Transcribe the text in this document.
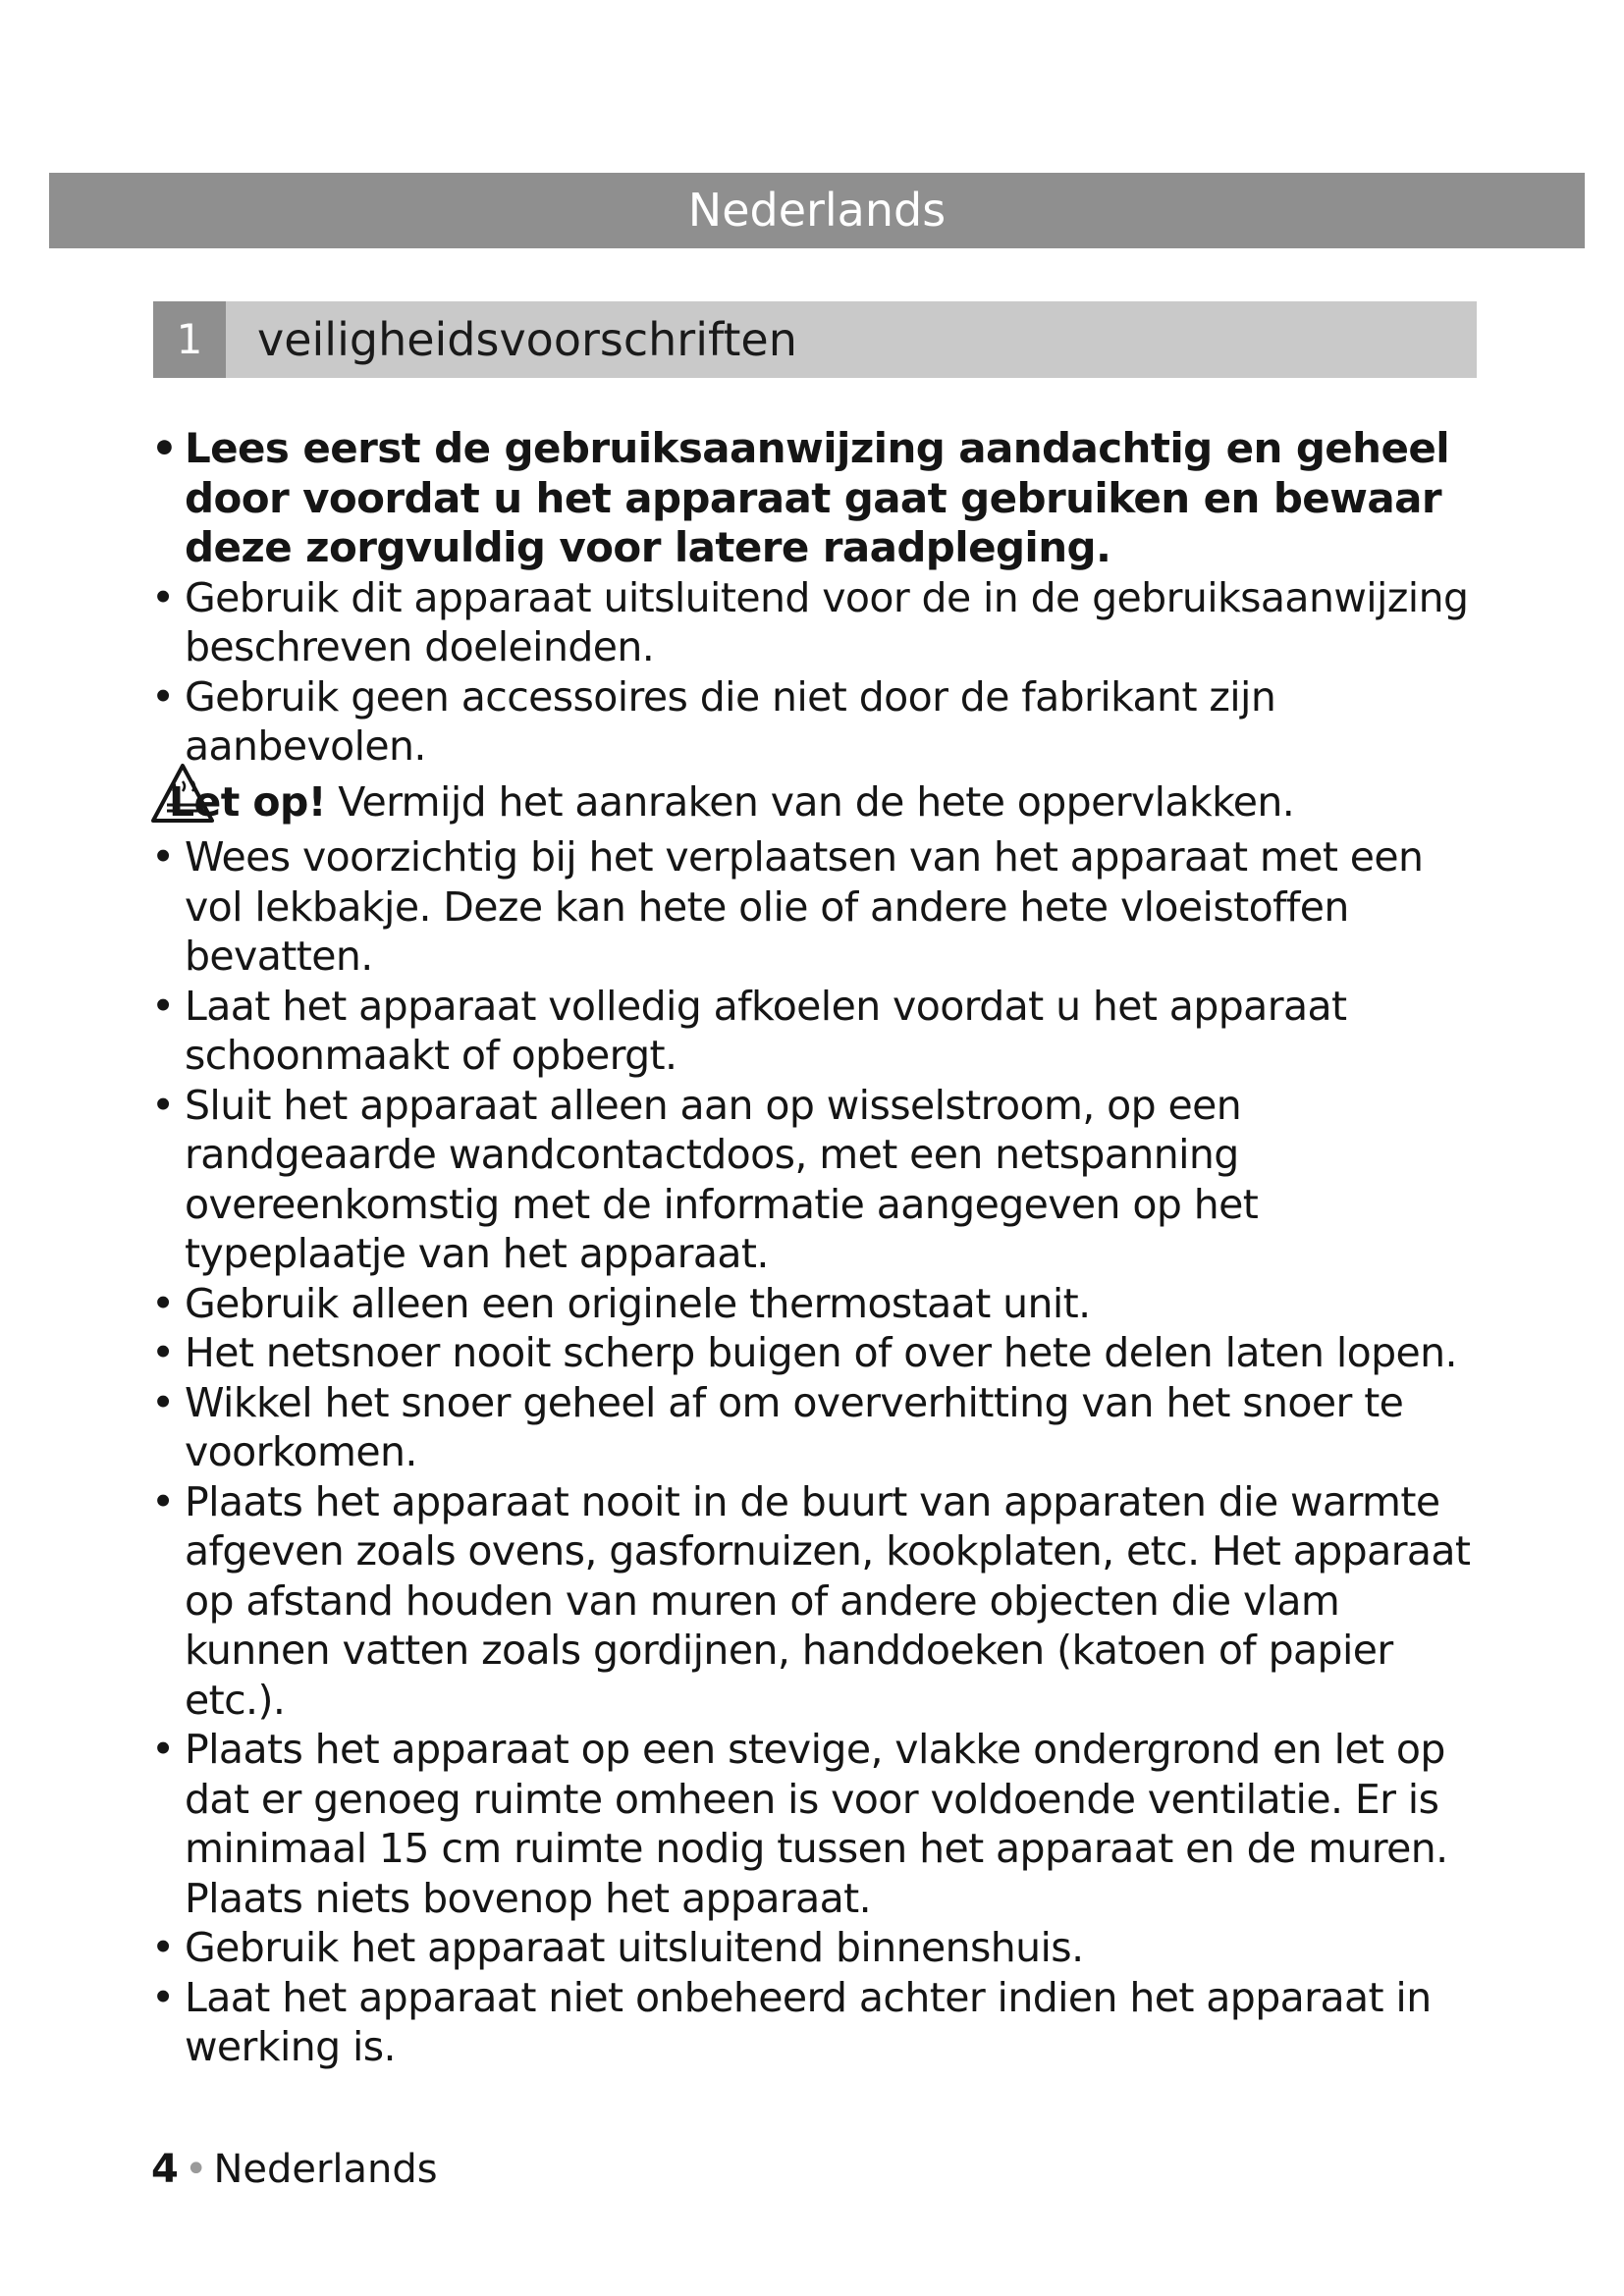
Nederlands
1	veiligheidsvoorschriften
• Lees eerst de gebruiksaanwijzing aandachtig en geheel door voordat u het apparaat gaat gebruiken en bewaar deze zorgvuldig voor latere raadpleging.
• Gebruik dit apparaat uitsluitend voor de in de gebruiksaanwijzing beschreven doeleinden.
• Gebruik geen accessoires die niet door de fabrikant zijn aanbevolen.
Let op! Vermijd het aanraken van de hete oppervlakken.
• Wees voorzichtig bij het verplaatsen van het apparaat met een vol lekbakje. Deze kan hete olie of andere hete vloeistoffen bevatten.
• Laat het apparaat volledig afkoelen voordat u het apparaat schoonmaakt of opbergt.
• Sluit het apparaat alleen aan op wisselstroom, op een randgeaarde wandcontactdoos, met een netspanning overeenkomstig met de informatie aangegeven op het typeplaatje van het apparaat.
• Gebruik alleen een originele thermostaat unit.
• Het netsnoer nooit scherp buigen of over hete delen laten lopen.
• Wikkel het snoer geheel af om oververhitting van het snoer te voorkomen.
• Plaats het apparaat nooit in de buurt van apparaten die warmte afgeven zoals ovens, gasfornuizen, kookplaten, etc. Het apparaat op afstand houden van muren of andere objecten die vlam kunnen vatten zoals gordijnen, handdoeken (katoen of papier etc.).
• Plaats het apparaat op een stevige, vlakke ondergrond en let op dat er genoeg ruimte omheen is voor voldoende ventilatie. Er is minimaal 15 cm ruimte nodig tussen het apparaat en de muren. Plaats niets bovenop het apparaat.
• Gebruik het apparaat uitsluitend binnenshuis.
• Laat het apparaat niet onbeheerd achter indien het apparaat in werking is.
4 • Nederlands
